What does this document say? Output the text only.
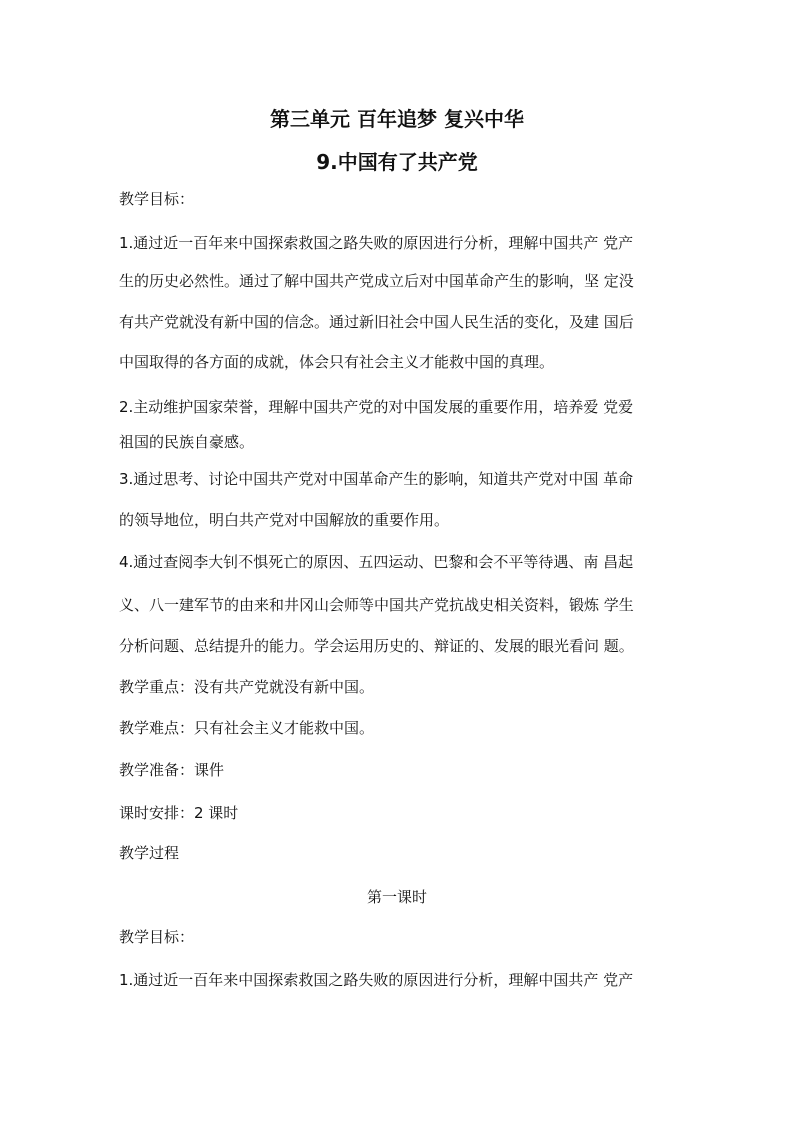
第三单元 百年追梦 复兴中华
9.中国有了共产党
教学目标：
1.通过近一百年来中国探索救国之路失败的原因进行分析，理解中国共产 党产
生的历史必然性。通过了解中国共产党成立后对中国革命产生的影响，坚 定没
有共产党就没有新中国的信念。通过新旧社会中国人民生活的变化，及建 国后
中国取得的各方面的成就，体会只有社会主义才能救中国的真理。
2.主动维护国家荣誉，理解中国共产党的对中国发展的重要作用，培养爱 党爱
祖国的民族自豪感。
3.通过思考、讨论中国共产党对中国革命产生的影响，知道共产党对中国 革命
的领导地位，明白共产党对中国解放的重要作用。
4.通过查阅李大钊不惧死亡的原因、五四运动、巴黎和会不平等待遇、南 昌起
义、八一建军节的由来和井冈山会师等中国共产党抗战史相关资料，锻炼 学生
分析问题、总结提升的能力。学会运用历史的、辩证的、发展的眼光看问 题。
教学重点：没有共产党就没有新中国。
教学难点：只有社会主义才能救中国。
教学准备：课件
课时安排：2 课时
教学过程
第一课时
教学目标：
1.通过近一百年来中国探索救国之路失败的原因进行分析，理解中国共产 党产
